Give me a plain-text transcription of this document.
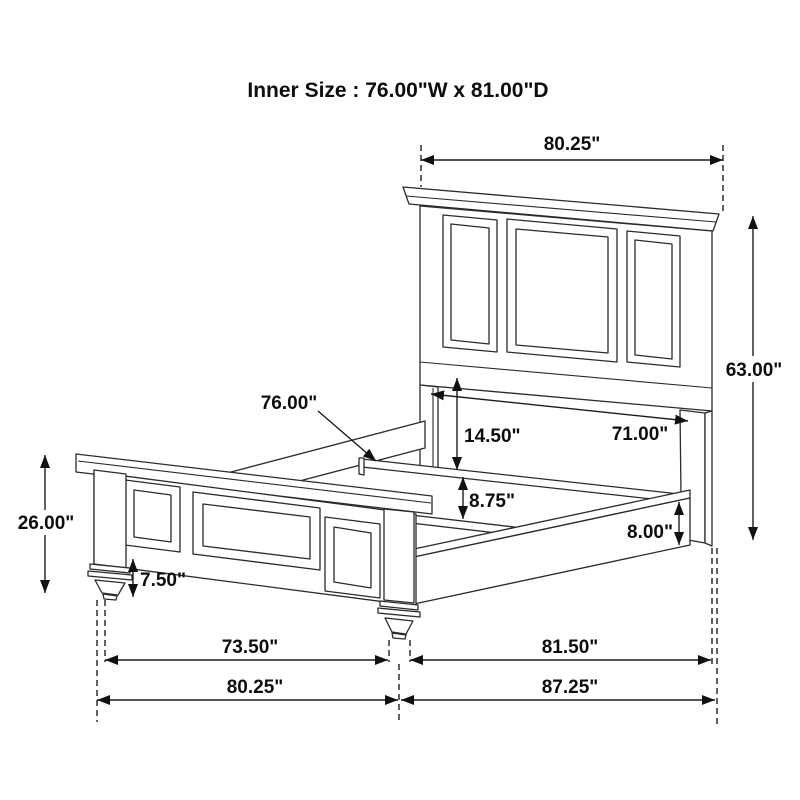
Inner Size : 76.00"W x 81.00"D
80.25"
63.00"
76.00"
14.50"	71.00"
8.75"
8.00"
26.00"
7.50"
73.50"	81.50"
80.25"	87.25"
